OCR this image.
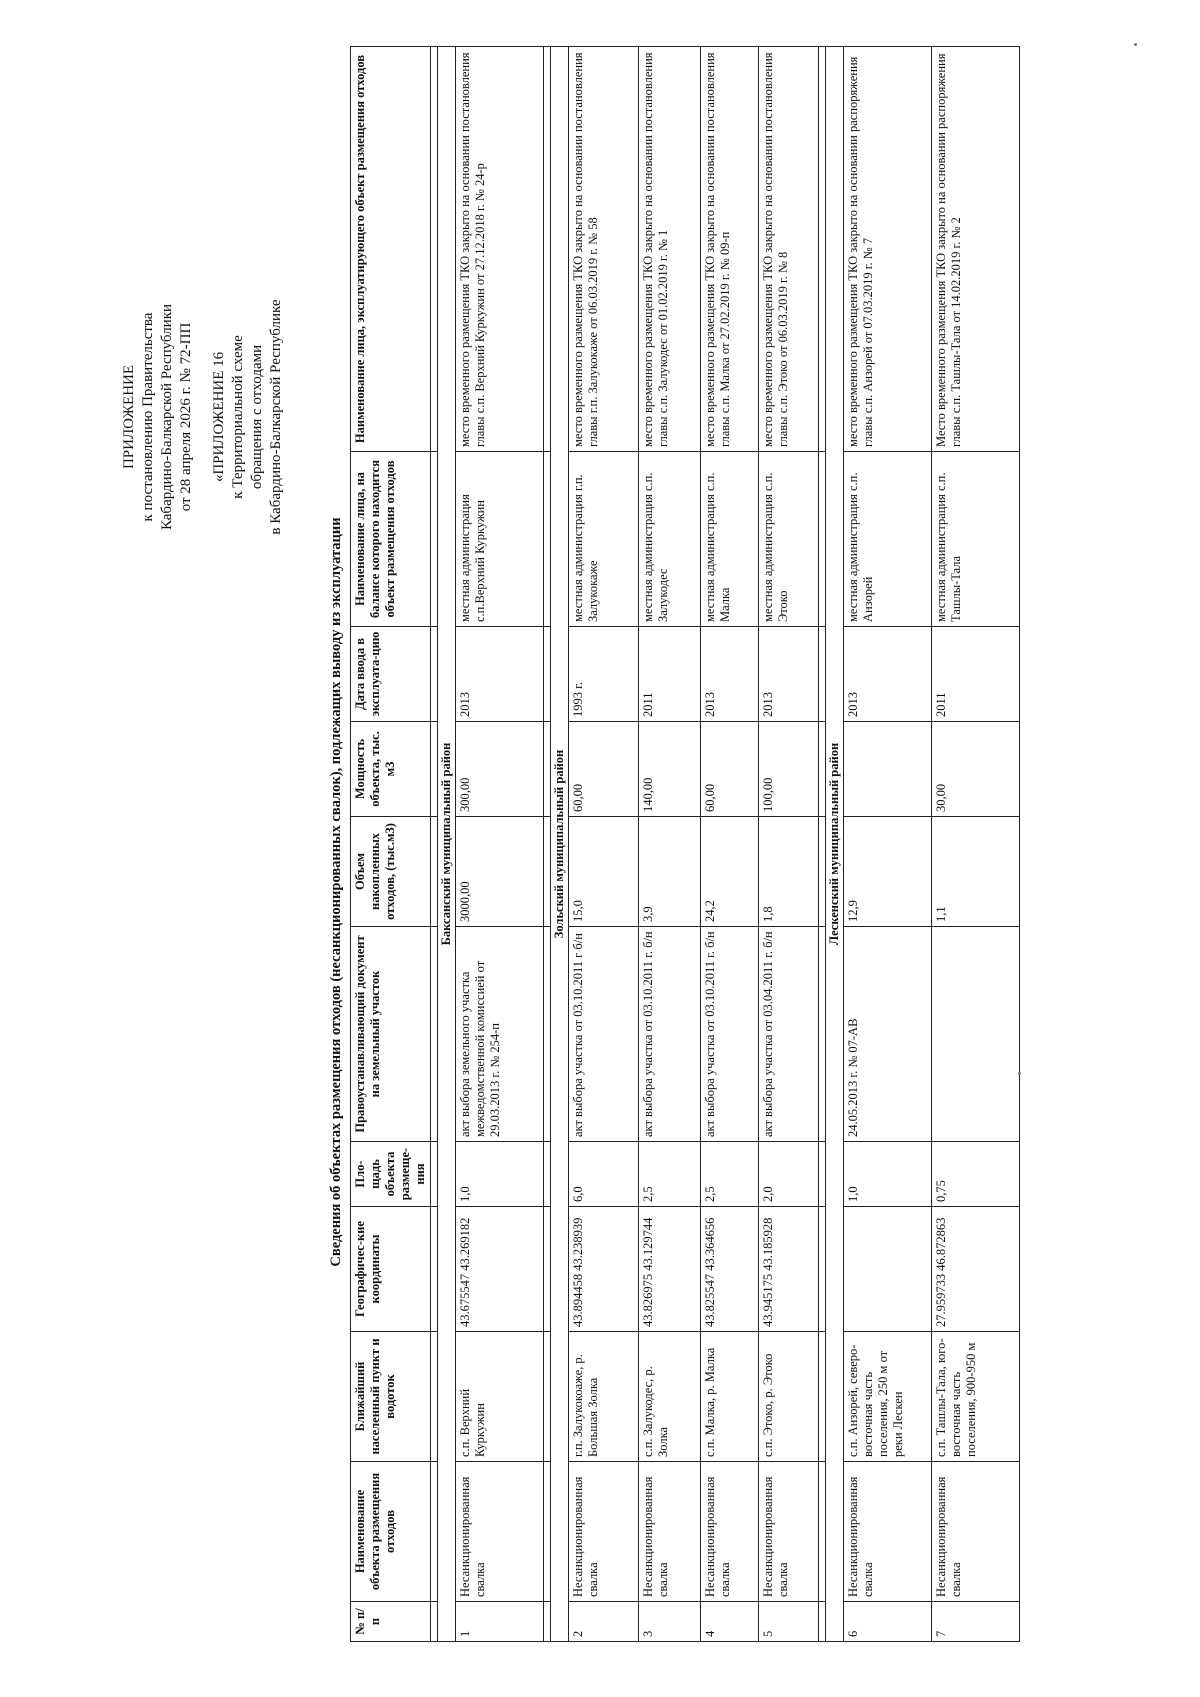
ПРИЛОЖЕНИЕ к постановлению Правительства Кабардино-Балкарской Республики от 28 апреля 2026 г. № 72-ПП «ПРИЛОЖЕНИЕ 16 к Территориальной схеме обращения с отходами в Кабардино-Балкарской Республике
Сведения об объектах размещения отходов (несанкционированных свалок), подлежащих выводу из эксплуатации
№ п/п	Наименование объекта размещения отходов	Ближайший населенный пункт и водоток	Географичес-кие координаты	Пло-щадь объекта размеще-ния	Правоустанавливающий документ на земельный участок	Объем накопленных отходов, (тыс.м3)	Мощность объекта, тыс. м3	Дата ввода в эксплуата-цию	Наименование лица, на балансе которого находится объект размещения отходов	Наименование лица, эксплуатирующего объект размещения отходов

Баксанский муниципальный район										
1	Несанкционированная свалка	с.п. Верхний Куркужин	43.675547 43.269182	1,0	акт выбора земельного участка межведомственной комиссией от 29.03.2013 г. № 254-п	3000,00	300,00	2013	местная администрация с.п.Верхний Куркужин	место временного размещения ТКО закрыто на основании постановления главы с.п. Верхний Куркужин от 27.12.2018 г. № 24-р

Зольский муниципальный район										
2	Несанкционированная свалка	г.п. Залукокоаже, р. Большая Золка	43.894458 43.238939	6,0	акт выбора участка от 03.10.2011 г б/н	15,0	60,00	1993 г.	местная администрация г.п. Залукокаже	место временного размещения ТКО закрыто на основании постановления главы г.п. Залукокаже от 06.03.2019 г. № 58
3	Несанкционированная свалка	с.п. Залукодес, р. Золка	43.826975 43.129744	2,5	акт выбора участка от 03.10.2011 г. б/н	3,9	140,00	2011	местная администрация с.п. Залукодес	место временного размещения ТКО закрыто на основании постановления главы с.п. Залукодес от 01.02.2019 г. № 1
4	Несанкционированная свалка	с.п. Малка, р. Малка	43.825547 43.364656	2,5	акт выбора участка от 03.10.2011 г. б/н	24,2	60,00	2013	местная администрация с.п. Малка	место временного размещения ТКО закрыто на основании постановления главы с.п. Малка от 27.02.2019 г. № 09-п
5	Несанкционированная свалка	с.п. Этоко, р. Этоко	43.945175 43.185928	2,0	акт выбора участка от 03.04.2011 г. б/н	1,8	100,00	2013	местная администрация с.п. Этоко	место временного размещения ТКО закрыто на основании постановления главы с.п. Этоко от 06.03.2019 г. № 8

Лескенский муниципальный район										
6	Несанкционированная свалка	с.п. Анзорей, северо-восточная часть поселения, 250 м от реки Лескен		1,0	24.05.2013 г. № 07-АВ	12,9		2013	местная администрация с.п. Анзорей	место временного размещения ТКО закрыто на основании распоряжения главы с.п. Анзорей от 07.03.2019 г. № 7
7	Несанкционированная свалка	с.п. Ташлы-Тала, юго-восточная часть поселения, 900-950 м	27.959733 46.872863	0,75		1,1	30,00	2011	местная администрация с.п. Ташлы-Тала	Место временного размещения ТКО закрыто на основании распоряжения главы с.п. Ташлы-Тала от 14.02.2019 г. № 2
